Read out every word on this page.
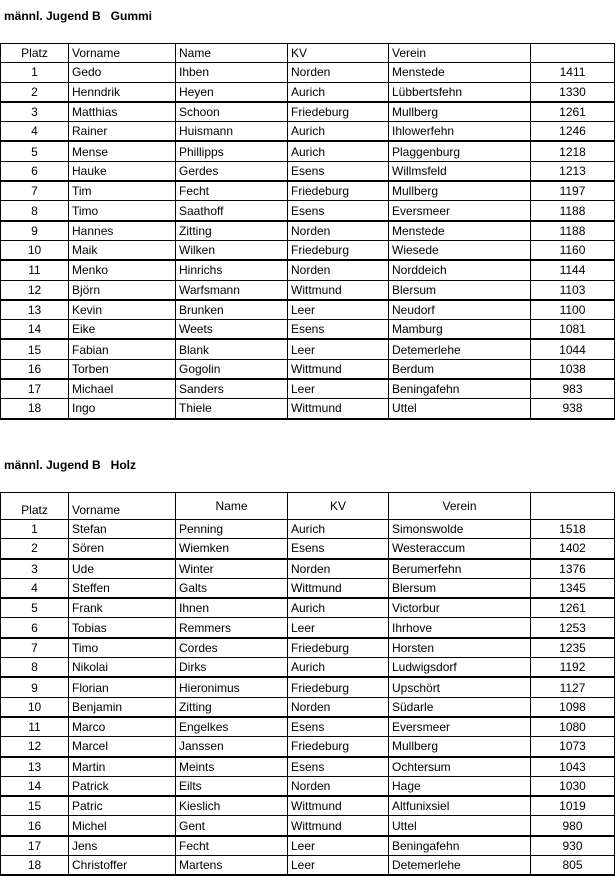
männl. Jugend B   Gummi
Platz	Vorname	Name	KV	Verein	
1	Gedo	Ihben	Norden	Menstede	1411
2	Henndrik	Heyen	Aurich	Lübbertsfehn	1330
3	Matthias	Schoon	Friedeburg	Mullberg	1261
4	Rainer	Huismann	Aurich	Ihlowerfehn	1246
5	Mense	Phillipps	Aurich	Plaggenburg	1218
6	Hauke	Gerdes	Esens	Willmsfeld	1213
7	Tim	Fecht	Friedeburg	Mullberg	1197
8	Timo	Saathoff	Esens	Eversmeer	1188
9	Hannes	Zitting	Norden	Menstede	1188
10	Maik	Wilken	Friedeburg	Wiesede	1160
11	Menko	Hinrichs	Norden	Norddeich	1144
12	Björn	Warfsmann	Wittmund	Blersum	1103
13	Kevin	Brunken	Leer	Neudorf	1100
14	Eike	Weets	Esens	Mamburg	1081
15	Fabian	Blank	Leer	Detemerlehe	1044
16	Torben	Gogolin	Wittmund	Berdum	1038
17	Michael	Sanders	Leer	Beningafehn	983
18	Ingo	Thiele	Wittmund	Uttel	938
männl. Jugend B   Holz
Platz	Vorname	Name	KV	Verein	
1	Stefan	Penning	Aurich	Simonswolde	1518
2	Sören	Wiemken	Esens	Westeraccum	1402
3	Ude	Winter	Norden	Berumerfehn	1376
4	Steffen	Galts	Wittmund	Blersum	1345
5	Frank	Ihnen	Aurich	Victorbur	1261
6	Tobias	Remmers	Leer	Ihrhove	1253
7	Timo	Cordes	Friedeburg	Horsten	1235
8	Nikolai	Dirks	Aurich	Ludwigsdorf	1192
9	Florian	Hieronimus	Friedeburg	Upschört	1127
10	Benjamin	Zitting	Norden	Südarle	1098
11	Marco	Engelkes	Esens	Eversmeer	1080
12	Marcel	Janssen	Friedeburg	Mullberg	1073
13	Martin	Meints	Esens	Ochtersum	1043
14	Patrick	Eilts	Norden	Hage	1030
15	Patric	Kieslich	Wittmund	Altfunixsiel	1019
16	Michel	Gent	Wittmund	Uttel	980
17	Jens	Fecht	Leer	Beningafehn	930
18	Christoffer	Martens	Leer	Detemerlehe	805
